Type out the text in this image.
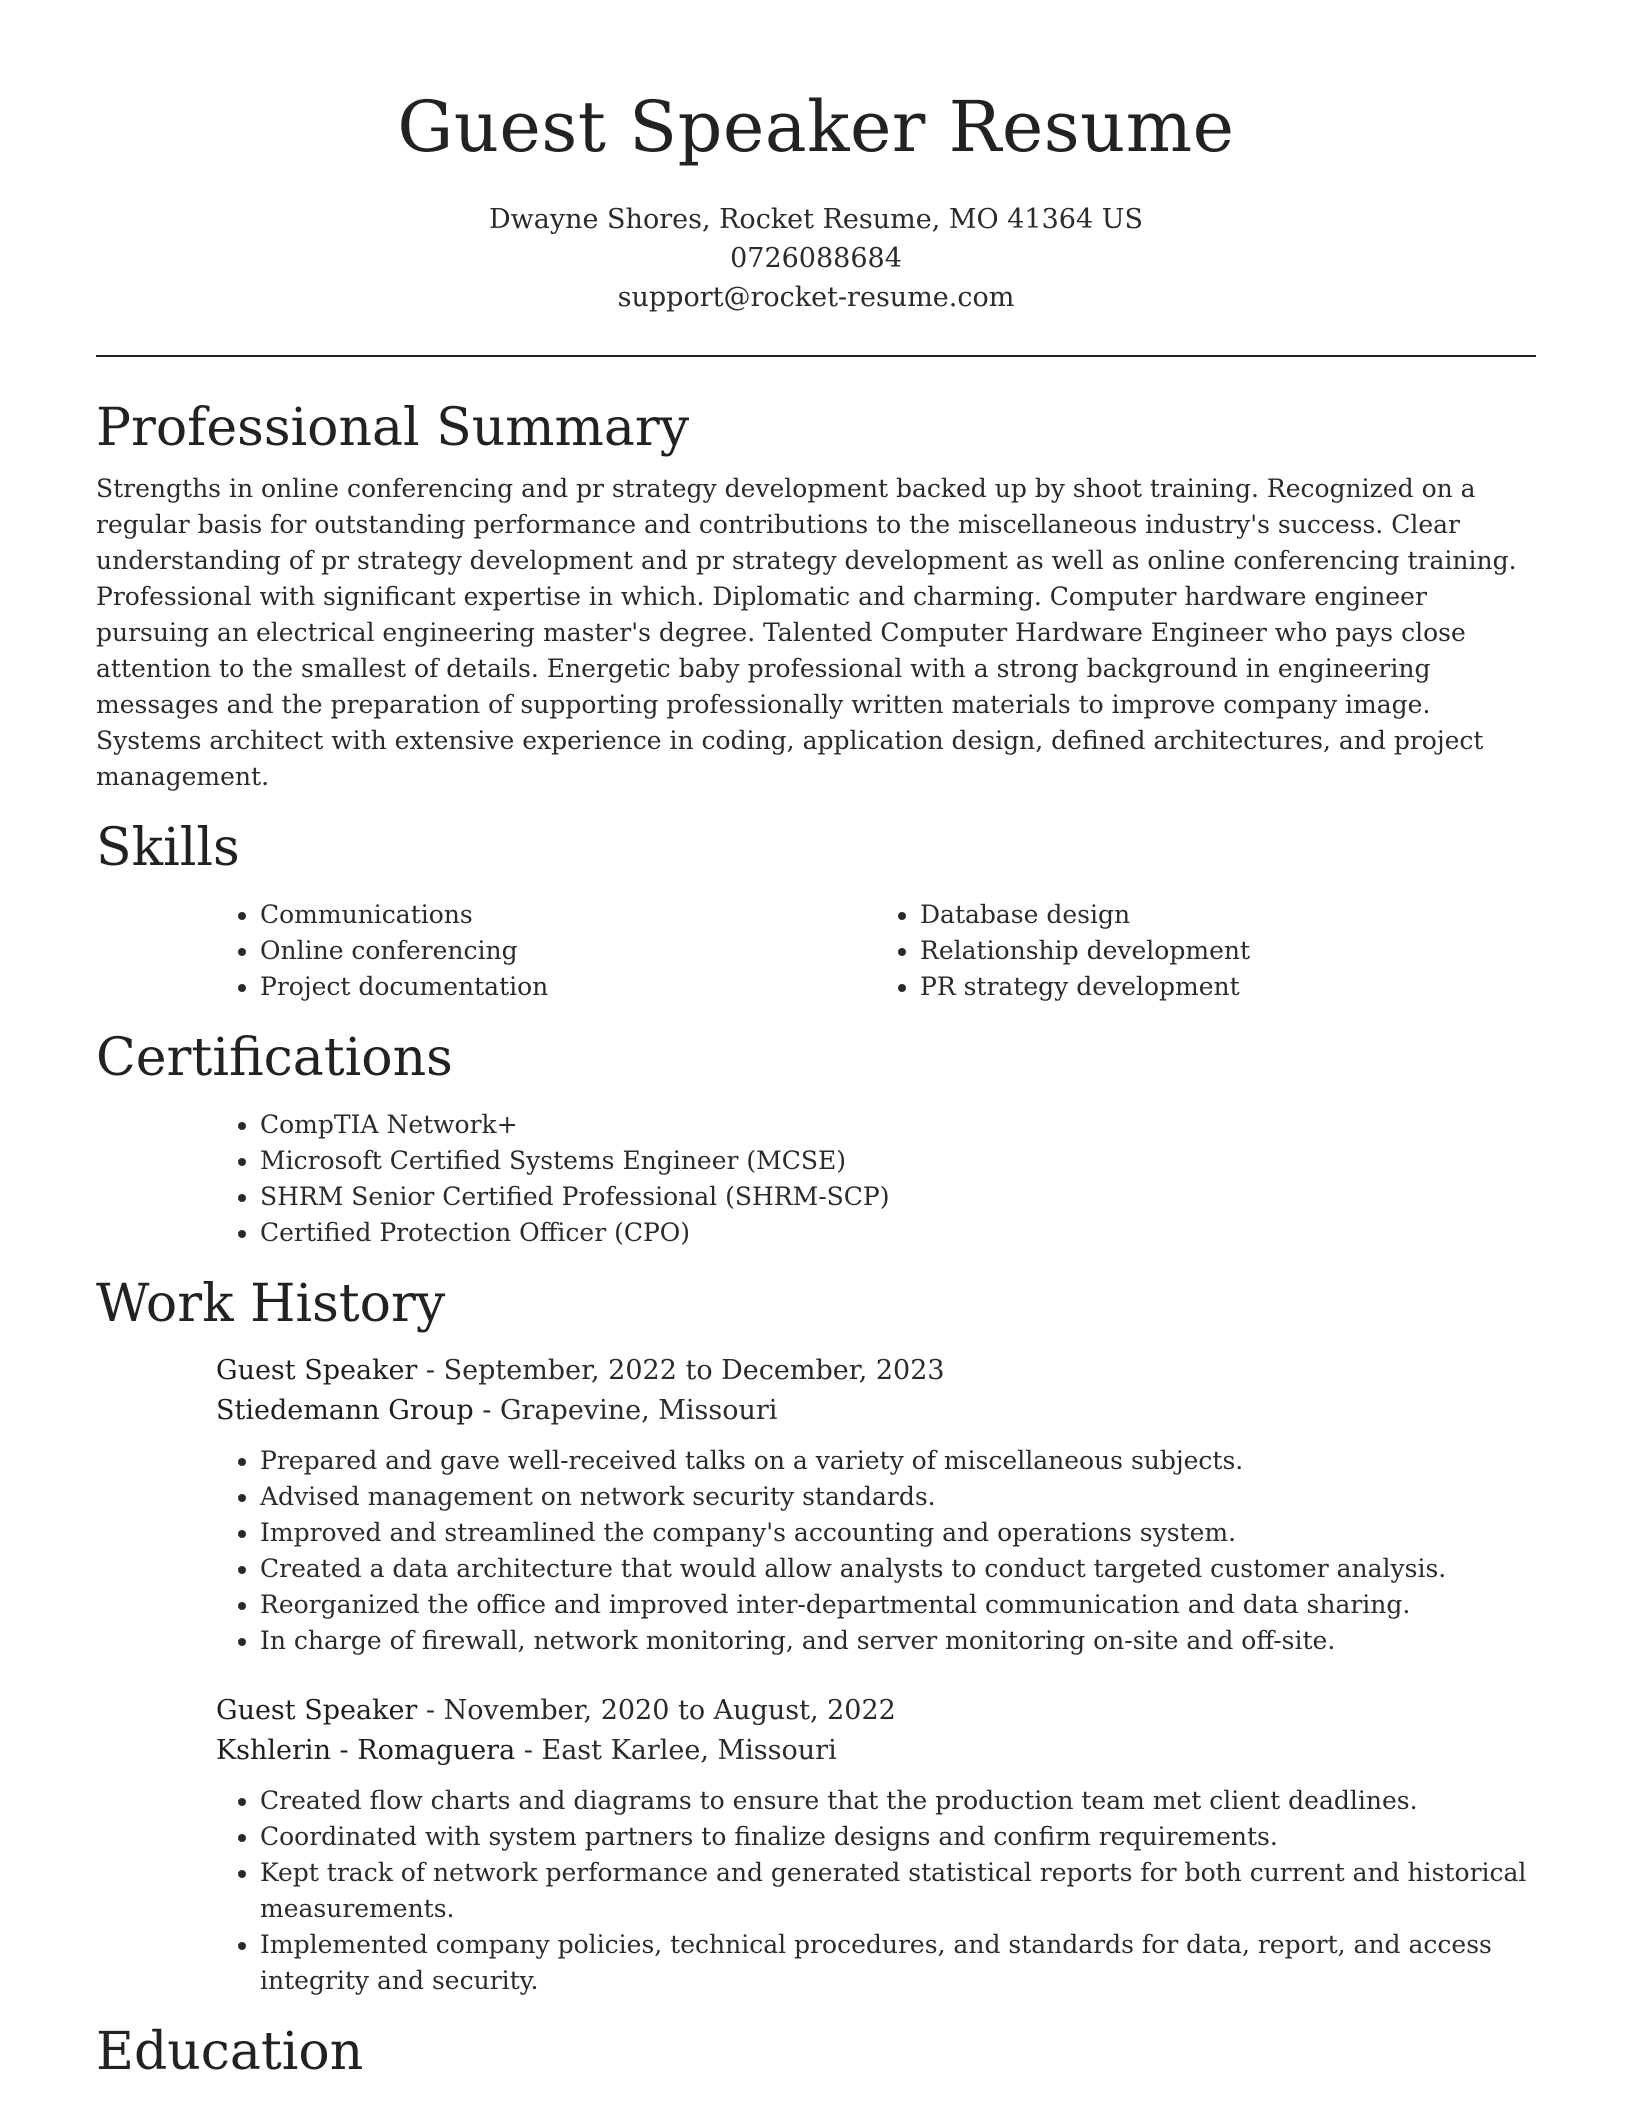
Guest Speaker Resume
Dwayne Shores, Rocket Resume, MO 41364 US
0726088684
support@rocket-resume.com
Professional Summary

Strengths in online conferencing and pr strategy development backed up by shoot training. Recognized on a regular basis for outstanding performance and contributions to the miscellaneous industry's success. Clear understanding of pr strategy development and pr strategy development as well as online conferencing training. Professional with significant expertise in which. Diplomatic and charming. Computer hardware engineer pursuing an electrical engineering master's degree. Talented Computer Hardware Engineer who pays close attention to the smallest of details. Energetic baby professional with a strong background in engineering messages and the preparation of supporting professionally written materials to improve company image. Systems architect with extensive experience in coding, application design, defined architectures, and project management.

Skills
• Communications
• Online conferencing
• Project documentation
• Database design
• Relationship development
• PR strategy development
Certifications
• CompTIA Network+
• Microsoft Certified Systems Engineer (MCSE)
• SHRM Senior Certified Professional (SHRM-SCP)
• Certified Protection Officer (CPO)
Work History
Guest Speaker - September, 2022 to December, 2023
Stiedemann Group - Grapevine, Missouri
• Prepared and gave well-received talks on a variety of miscellaneous subjects.
• Advised management on network security standards.
• Improved and streamlined the company's accounting and operations system.
• Created a data architecture that would allow analysts to conduct targeted customer analysis.
• Reorganized the office and improved inter-departmental communication and data sharing.
• In charge of firewall, network monitoring, and server monitoring on-site and off-site.
Guest Speaker - November, 2020 to August, 2022
Kshlerin - Romaguera - East Karlee, Missouri
• Created flow charts and diagrams to ensure that the production team met client deadlines.
• Coordinated with system partners to finalize designs and confirm requirements.
• Kept track of network performance and generated statistical reports for both current and historical measurements.
• Implemented company policies, technical procedures, and standards for data, report, and access integrity and security.
Education
